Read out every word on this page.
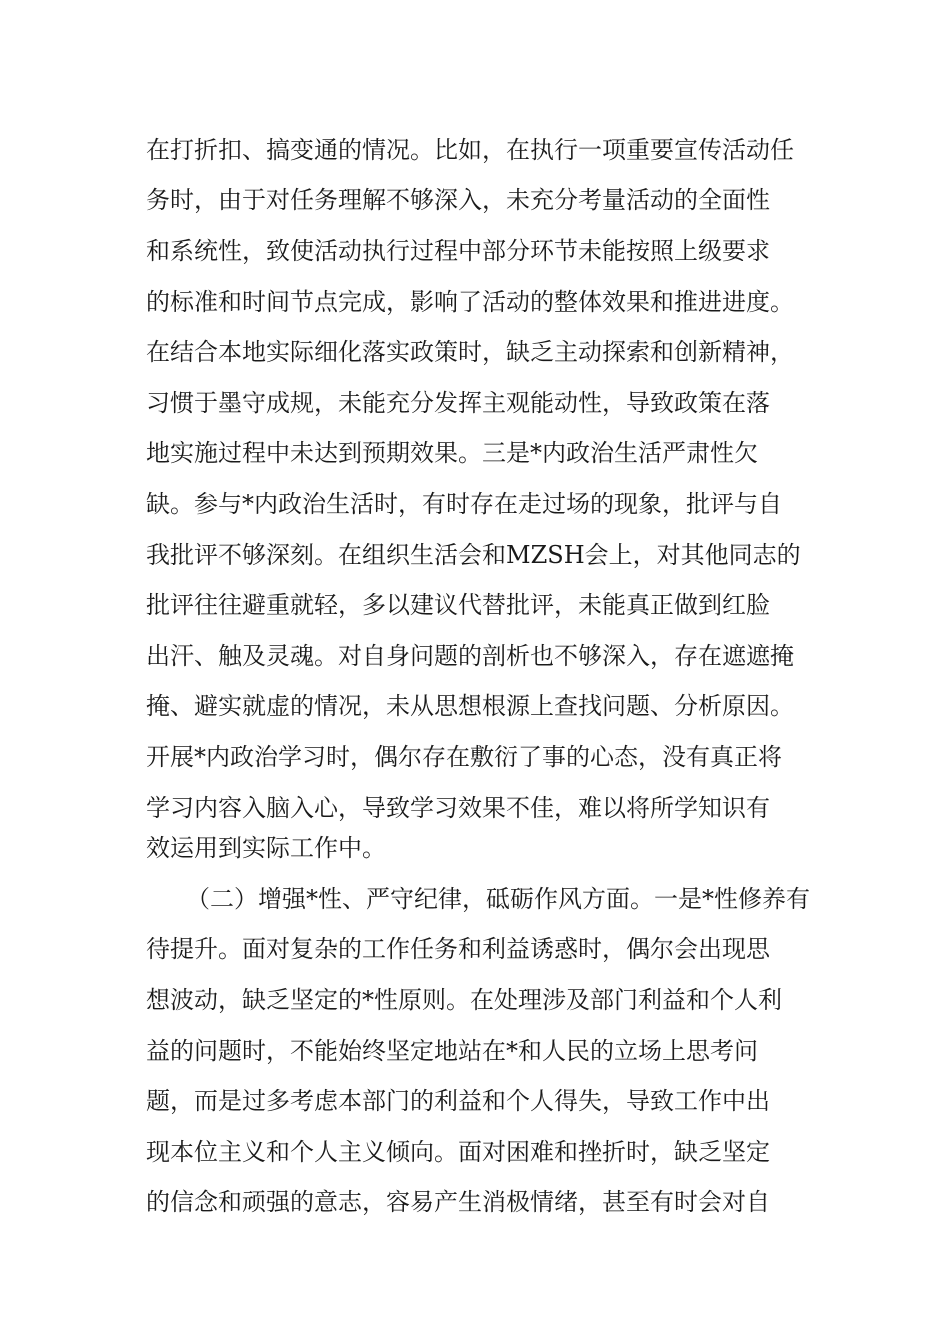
在打折扣、搞变通的情况。比如，在执行一项重要宣传活动任
务时，由于对任务理解不够深入，未充分考量活动的全面性
和系统性，致使活动执行过程中部分环节未能按照上级要求
的标准和时间节点完成，影响了活动的整体效果和推进进度。
在结合本地实际细化落实政策时，缺乏主动探索和创新精神，
习惯于墨守成规，未能充分发挥主观能动性，导致政策在落
地实施过程中未达到预期效果。三是*内政治生活严肃性欠
缺。参与*内政治生活时，有时存在走过场的现象，批评与自
我批评不够深刻。在组织生活会和MZSH会上，对其他同志的
批评往往避重就轻，多以建议代替批评，未能真正做到红脸
出汗、触及灵魂。对自身问题的剖析也不够深入，存在遮遮掩
掩、避实就虚的情况，未从思想根源上查找问题、分析原因。
开展*内政治学习时，偶尔存在敷衍了事的心态，没有真正将
学习内容入脑入心，导致学习效果不佳，难以将所学知识有
效运用到实际工作中。
（二）增强*性、严守纪律，砥砺作风方面。一是*性修养有
待提升。面对复杂的工作任务和利益诱惑时，偶尔会出现思
想波动，缺乏坚定的*性原则。在处理涉及部门利益和个人利
益的问题时，不能始终坚定地站在*和人民的立场上思考问
题，而是过多考虑本部门的利益和个人得失，导致工作中出
现本位主义和个人主义倾向。面对困难和挫折时，缺乏坚定
的信念和顽强的意志，容易产生消极情绪，甚至有时会对自
